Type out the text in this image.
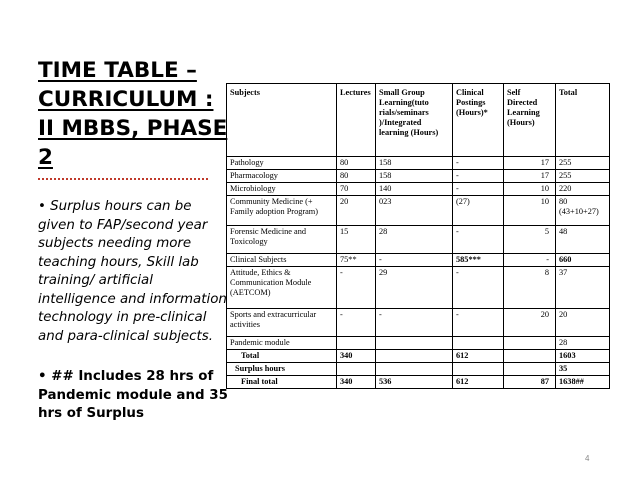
TIME TABLE –
CURRICULUM :
II MBBS, PHASE
2

• Surplus hours can be given to FAP/second year subjects needing more teaching hours, Skill lab training/ artificial intelligence and information technology in pre-clinical and para-clinical subjects.

• ## Includes 28 hrs of Pandemic module and 35 hrs of Surplus

Subjects	Lectures	Small Group Learning(tuto rials/seminars )/Integrated learning (Hours)	Clinical Postings (Hours)*	Self Directed Learning (Hours)	Total
Pathology	80	158	-	17	255
Pharmacology	80	158	-	17	255
Microbiology	70	140	-	10	220
Community Medicine (+ Family adoption Program)	20	023	(27)	10	80 (43+10+27)
Forensic Medicine and Toxicology	15	28	-	5	48
Clinical Subjects	75**	-	585***	-	660
Attitude, Ethics & Communication Module (AETCOM)	-	29	-	8	37
Sports and extracurricular activities	-	-	-	20	20
Pandemic module					28
Total	340		612		1603
Surplus hours					35
Final total	340	536	612	87	1638##
4
